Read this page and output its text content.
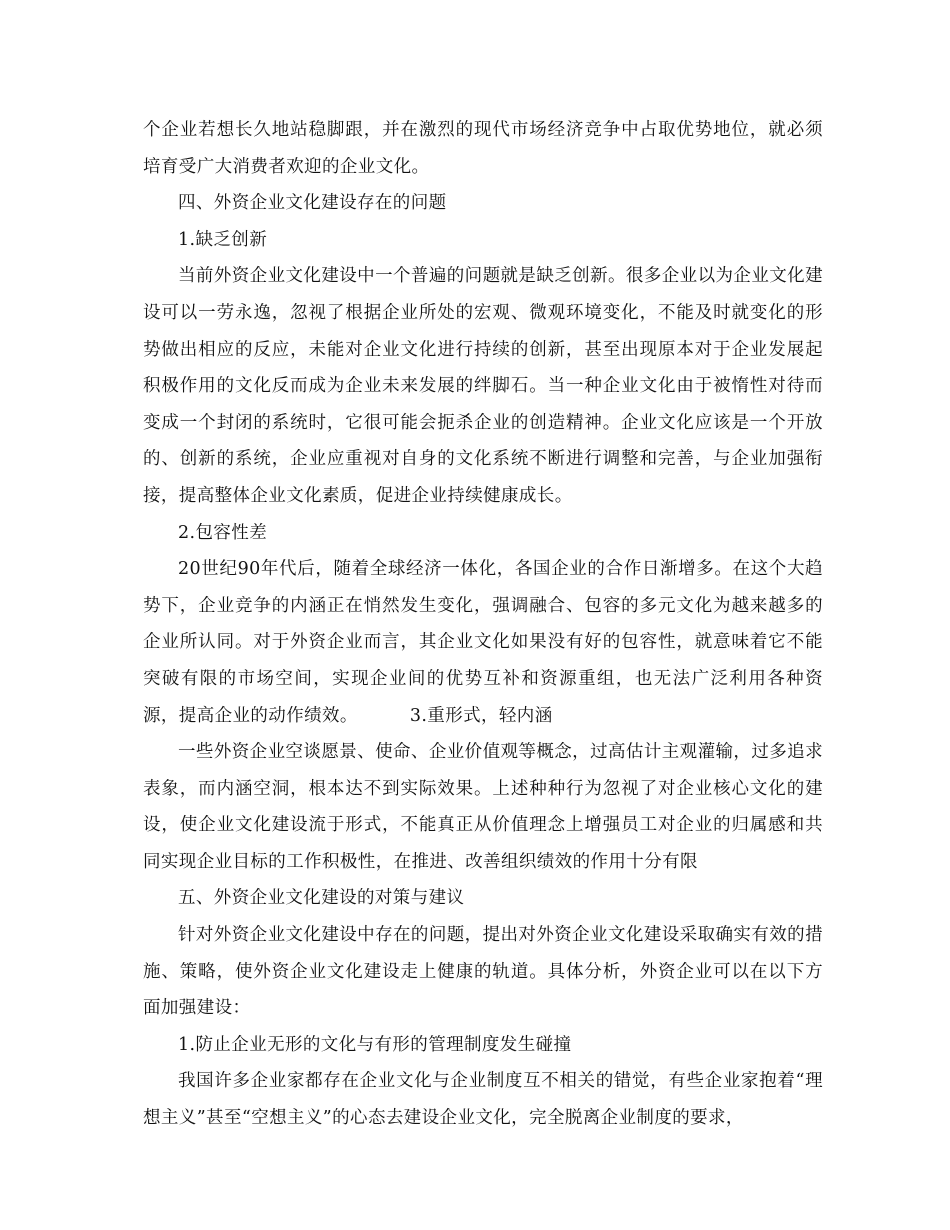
个企业若想长久地站稳脚跟，并在激烈的现代市场经济竞争中占取优势地位，就必须培育受广大消费者欢迎的企业文化。

四、外资企业文化建设存在的问题

1.缺乏创新

当前外资企业文化建设中一个普遍的问题就是缺乏创新。很多企业以为企业文化建设可以一劳永逸，忽视了根据企业所处的宏观、微观环境变化，不能及时就变化的形势做出相应的反应，未能对企业文化进行持续的创新，甚至出现原本对于企业发展起积极作用的文化反而成为企业未来发展的绊脚石。当一种企业文化由于被惰性对待而变成一个封闭的系统时，它很可能会扼杀企业的创造精神。企业文化应该是一个开放的、创新的系统，企业应重视对自身的文化系统不断进行调整和完善，与企业加强衔接，提高整体企业文化素质，促进企业持续健康成长。

2.包容性差

20世纪90年代后，随着全球经济一体化，各国企业的合作日渐增多。在这个大趋势下，企业竞争的内涵正在悄然发生变化，强调融合、包容的多元文化为越来越多的企业所认同。对于外资企业而言，其企业文化如果没有好的包容性，就意味着它不能突破有限的市场空间，实现企业间的优势互补和资源重组，也无法广泛利用各种资源，提高企业的动作绩效。	3.重形式，轻内涵

一些外资企业空谈愿景、使命、企业价值观等概念，过高估计主观灌输，过多追求表象，而内涵空洞，根本达不到实际效果。上述种种行为忽视了对企业核心文化的建设，使企业文化建设流于形式，不能真正从价值理念上增强员工对企业的归属感和共同实现企业目标的工作积极性，在推进、改善组织绩效的作用十分有限

五、外资企业文化建设的对策与建议

针对外资企业文化建设中存在的问题，提出对外资企业文化建设采取确实有效的措施、策略，使外资企业文化建设走上健康的轨道。具体分析，外资企业可以在以下方面加强建设：

1.防止企业无形的文化与有形的管理制度发生碰撞

我国许多企业家都存在企业文化与企业制度互不相关的错觉，有些企业家抱着“理想主义”甚至“空想主义”的心态去建设企业文化，完全脱离企业制度的要求，
